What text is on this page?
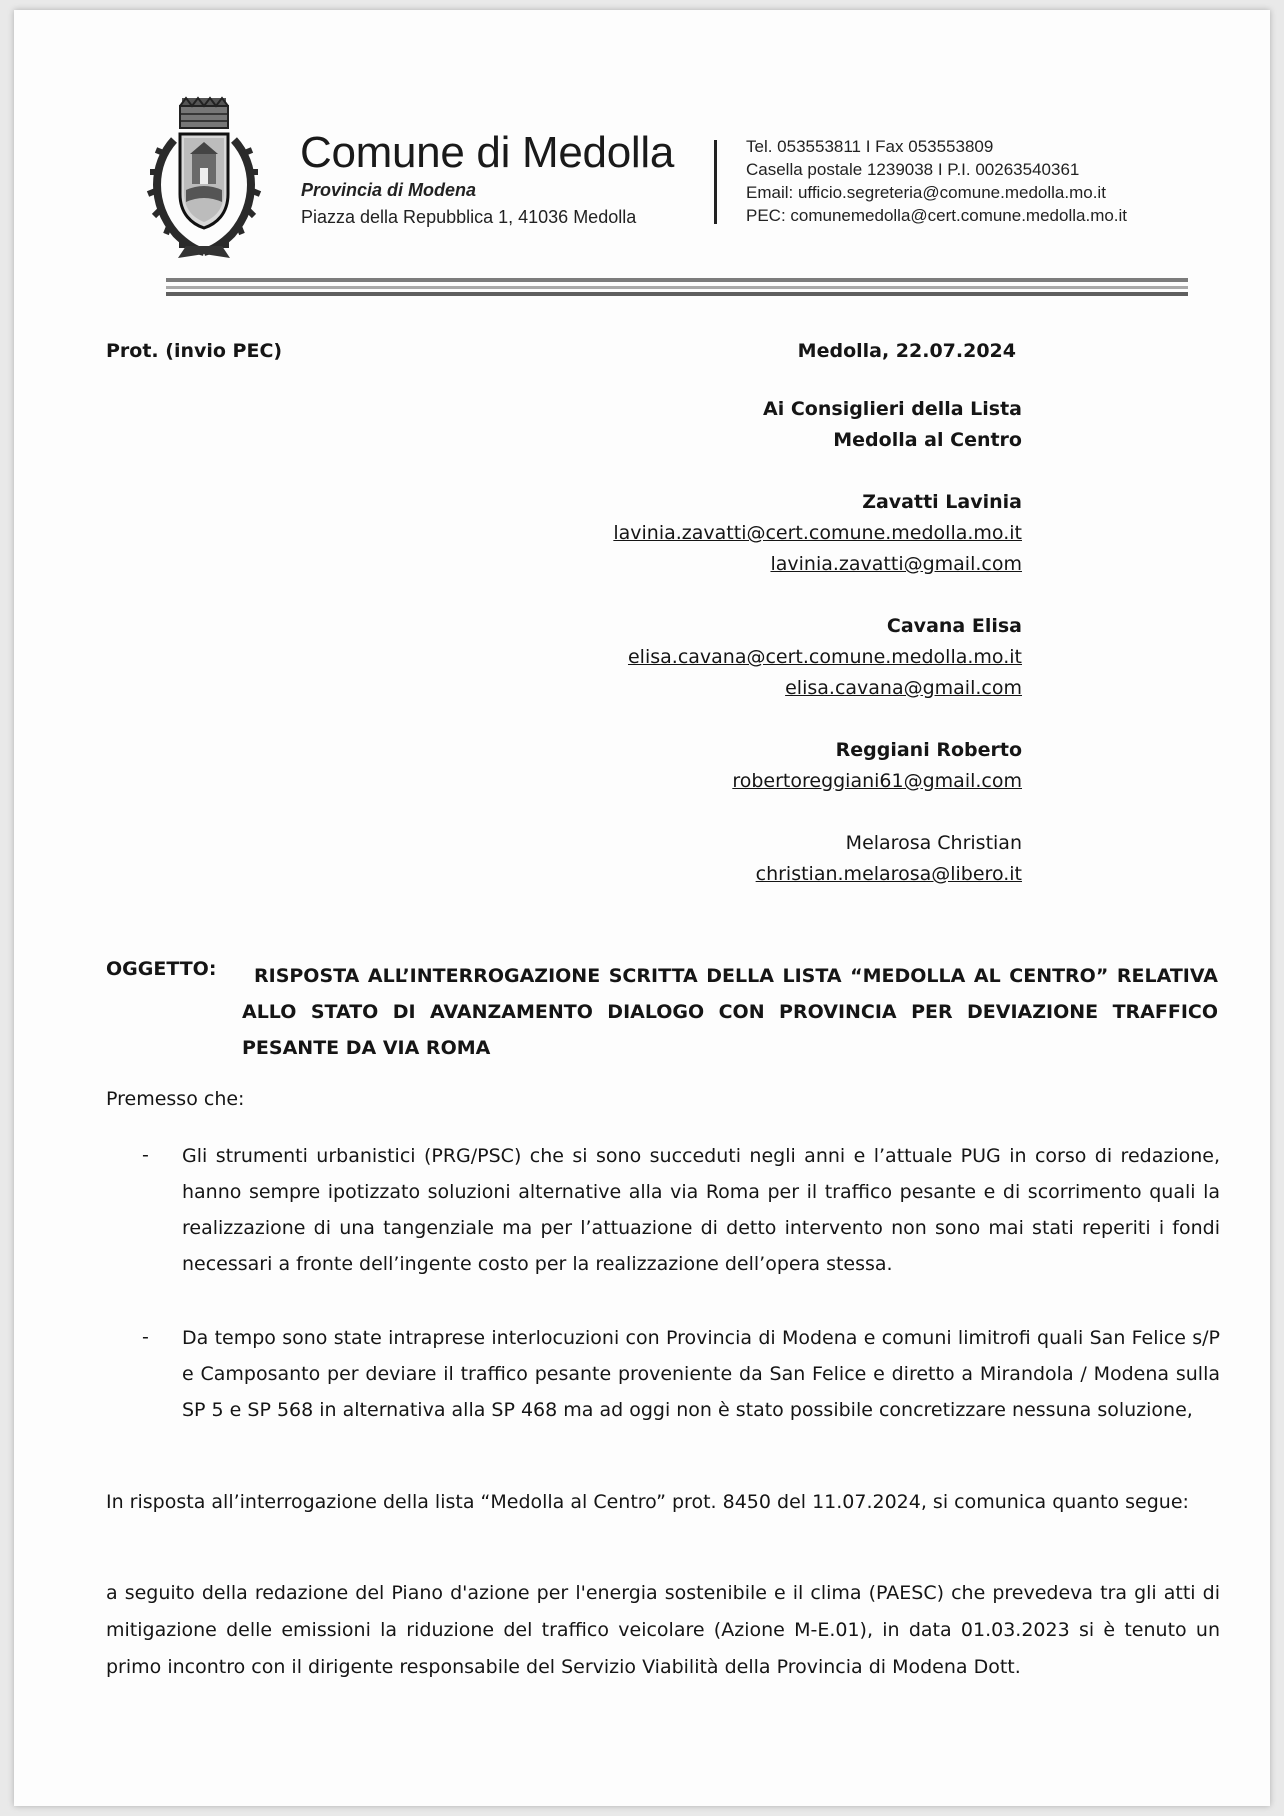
Comune di Medolla
Provincia di Modena
Piazza della Repubblica 1, 41036 Medolla
Tel. 053553811 I Fax 053553809
Casella postale 1239038 I P.I. 00263540361
Email: ufficio.segreteria@comune.medolla.mo.it
PEC: comunemedolla@cert.comune.medolla.mo.it
Prot. (invio PEC)	Medolla, 22.07.2024
Ai Consiglieri della Lista
Medolla al Centro
Zavatti Lavinia
lavinia.zavatti@cert.comune.medolla.mo.it
lavinia.zavatti@gmail.com
Cavana Elisa
elisa.cavana@cert.comune.medolla.mo.it
elisa.cavana@gmail.com
Reggiani Roberto
robertoreggiani61@gmail.com
Melarosa Christian
christian.melarosa@libero.it
OGGETTO:	RISPOSTA ALL’INTERROGAZIONE SCRITTA DELLA LISTA “MEDOLLA AL CENTRO” RELATIVA ALLO STATO DI AVANZAMENTO DIALOGO CON PROVINCIA PER DEVIAZIONE TRAFFICO PESANTE DA VIA ROMA
Premesso che:
- Gli strumenti urbanistici (PRG/PSC) che si sono succeduti negli anni e l’attuale PUG in corso di redazione, hanno sempre ipotizzato soluzioni alternative alla via Roma per il traffico pesante e di scorrimento quali la realizzazione di una tangenziale ma per l’attuazione di detto intervento non sono mai stati reperiti i fondi necessari a fronte dell’ingente costo per la realizzazione dell’opera stessa.
- Da tempo sono state intraprese interlocuzioni con Provincia di Modena e comuni limitrofi quali San Felice s/P e Camposanto per deviare il traffico pesante proveniente da San Felice e diretto a Mirandola / Modena sulla SP 5 e SP 568 in alternativa alla SP 468 ma ad oggi non è stato possibile concretizzare nessuna soluzione,
In risposta all’interrogazione della lista “Medolla al Centro” prot. 8450 del 11.07.2024, si comunica quanto segue:
a seguito della redazione del Piano d'azione per l'energia sostenibile e il clima (PAESC) che prevedeva tra gli atti di mitigazione delle emissioni la riduzione del traffico veicolare (Azione M-E.01), in data 01.03.2023 si è tenuto un primo incontro con il dirigente responsabile del Servizio Viabilità della Provincia di Modena Dott.
